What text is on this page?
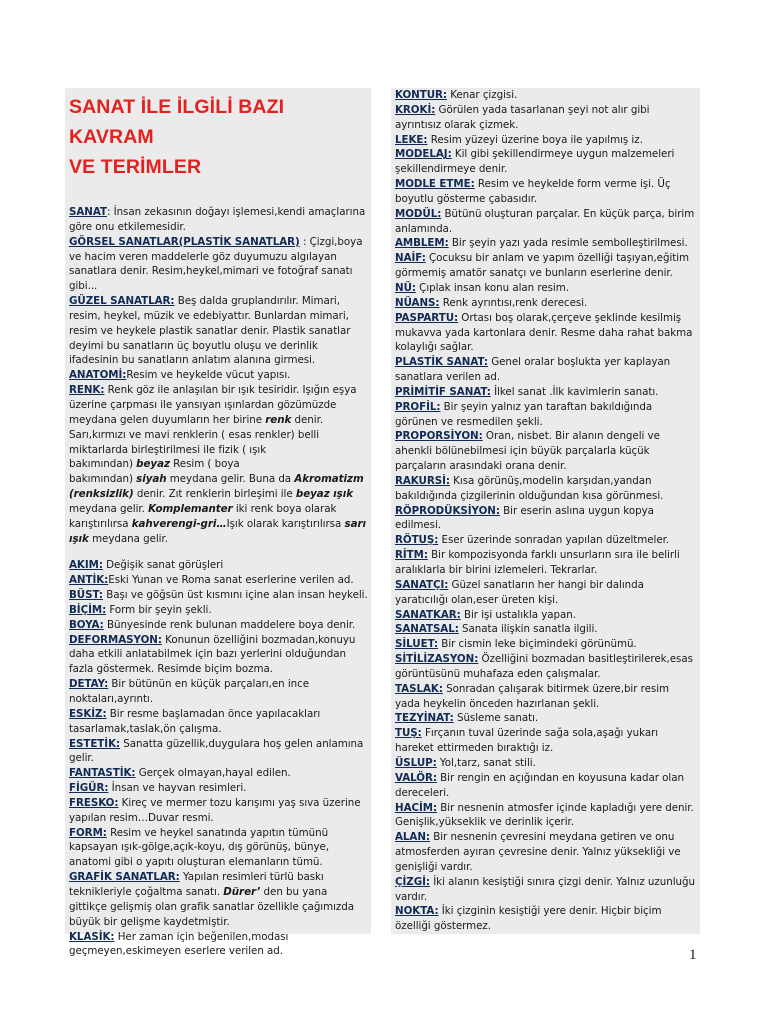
SANAT İLE İLGİLİ BAZI KAVRAM
VE TERİMLER

SANAT: İnsan zekasının doğayı işlemesi,kendi amaçlarına göre onu etkilemesidir.

GÖRSEL SANATLAR(PLASTİK SANATLAR) : Çizgi,boya ve hacim veren maddelerle göz duyumuzu algılayan sanatlara denir. Resim,heykel,mimari ve fotoğraf sanatı gibi...

GÜZEL SANATLAR: Beş dalda gruplandırılır. Mimari, resim, heykel, müzik ve edebiyattır. Bunlardan mimari, resim ve heykele plastik sanatlar denir. Plastik sanatlar deyimi bu sanatların üç boyutlu oluşu ve derinlik ifadesinin bu sanatların anlatım alanına girmesi.

ANATOMİ:Resim ve heykelde vücut yapısı.

RENK: Renk göz ile anlaşılan bir ışık tesiridir. Işığın eşya üzerine çarpması ile yansıyan ışınlardan gözümüzde meydana gelen duyumların her birine renk denir.
Sarı,kırmızı ve mavi renklerin ( esas renkler) belli miktarlarda birleştirilmesi ile fizik ( ışık
bakımından) beyaz Resim ( boya
bakımından) siyah meydana gelir. Buna da Akromatizm (renksizlik) denir. Zıt renklerin birleşimi ile beyaz ışık meydana gelir. Komplemanter iki renk boya olarak karıştırılırsa kahverengi-gri…Işık olarak karıştırılırsa sarı ışık meydana gelir.

AKIM: Değişik sanat görüşleri

ANTİK:Eski Yunan ve Roma sanat eserlerine verilen ad.

BÜST: Başı ve göğsün üst kısmını içine alan insan heykeli.

BİÇİM: Form bir şeyin şekli.

BOYA: Bünyesinde renk bulunan maddelere boya denir.

DEFORMASYON: Konunun özelliğini bozmadan,konuyu daha etkili anlatabilmek için bazı yerlerini olduğundan fazla göstermek. Resimde biçim bozma.

DETAY: Bir bütünün en küçük parçaları,en ince noktaları,ayrıntı.

ESKİZ: Bir resme başlamadan önce yapılacakları tasarlamak,taslak,ön çalışma.

ESTETİK: Sanatta güzellik,duygulara hoş gelen anlamına gelir.

FANTASTİK: Gerçek olmayan,hayal edilen.

FİGÜR: İnsan ve hayvan resimleri.

FRESKO: Kireç ve mermer tozu karışımı yaş sıva üzerine yapılan resim…Duvar resmi.

FORM: Resim ve heykel sanatında yapıtın tümünü kapsayan ışık-gölge,açık-koyu, dış görünüş, bünye, anatomi gibi o yapıtı oluşturan elemanların tümü.

GRAFİK SANATLAR: Yapılan resimleri türlü baskı teknikleriyle çoğaltma sanatı. Dürer’ den bu yana gittikçe gelişmiş olan grafik sanatlar özellikle çağımızda büyük bir gelişme kaydetmiştir.

KLASİK: Her zaman için beğenilen,modası geçmeyen,eskimeyen eserlere verilen ad.

KONTUR: Kenar çizgisi.

KROKİ: Görülen yada tasarlanan şeyi not alır gibi ayrıntısız olarak çizmek.

LEKE: Resim yüzeyi üzerine boya ile yapılmış iz.

MODELAJ: Kil gibi şekillendirmeye uygun malzemeleri şekillendirmeye denir.

MODLE ETME: Resim ve heykelde form verme işi. Üç boyutlu gösterme çabasıdır.

MODÜL: Bütünü oluşturan parçalar. En küçük parça, birim anlamında.

AMBLEM: Bir şeyin yazı yada resimle sembolleştirilmesi.

NAİF: Çocuksu bir anlam ve yapım özelliği taşıyan,eğitim görmemiş amatör sanatçı ve bunların eserlerine denir.

NÜ: Çıplak insan konu alan resim.

NÜANS: Renk ayrıntısı,renk derecesi.

PASPARTU: Ortası boş olarak,çerçeve şeklinde kesilmiş mukavva yada kartonlara denir. Resme daha rahat bakma kolaylığı sağlar.

PLASTİK SANAT: Genel oralar boşlukta yer kaplayan sanatlara verilen ad.

PRİMİTİF SANAT: İlkel sanat .İlk kavimlerin sanatı.

PROFİL: Bir şeyin yalnız yan taraftan bakıldığında görünen ve resmedilen şekli.

PROPORSİYON: Oran, nisbet. Bir alanın dengeli ve ahenkli bölünebilmesi için büyük parçalarla küçük parçaların arasındaki orana denir.

RAKURSİ: Kısa görünüş,modelin karşıdan,yandan bakıldığında çizgilerinin olduğundan kısa görünmesi.

RÖPRODÜKSİYON: Bir eserin aslına uygun kopya edilmesi.

RÖTUŞ: Eser üzerinde sonradan yapılan düzeltmeler.

RİTM: Bir kompozisyonda farklı unsurların sıra ile belirli aralıklarla bir birini izlemeleri. Tekrarlar.

SANATÇI: Güzel sanatların her hangi bir dalında yaratıcılığı olan,eser üreten kişi.

SANATKAR: Bir işi ustalıkla yapan.

SANATSAL: Sanata ilişkin sanatla ilgili.

SİLUET: Bir cismin leke biçimindeki görünümü.

SİTİLİZASYON: Özelliğini bozmadan basitleştirilerek,esas görüntüsünü muhafaza eden çalışmalar.

TASLAK: Sonradan çalışarak bitirmek üzere,bir resim yada heykelin önceden hazırlanan şekli.

TEZYİNAT: Süsleme sanatı.

TUŞ: Fırçanın tuval üzerinde sağa sola,aşağı yukarı hareket ettirmeden bıraktığı iz.

ÜSLUP: Yol,tarz, sanat stili.

VALÖR: Bir rengin en açığından en koyusuna kadar olan dereceleri.

HACİM: Bir nesnenin atmosfer içinde kapladığı yere denir. Genişlik,yükseklik ve derinlik içerir.

ALAN: Bir nesnenin çevresini meydana getiren ve onu atmosferden ayıran çevresine denir. Yalnız yüksekliği ve genişliği vardır.

ÇİZGİ: İki alanın kesiştiği sınıra çizgi denir. Yalnız uzunluğu vardır.

NOKTA: İki çizginin kesiştiği yere denir. Hiçbir biçim özelliği göstermez.

1
